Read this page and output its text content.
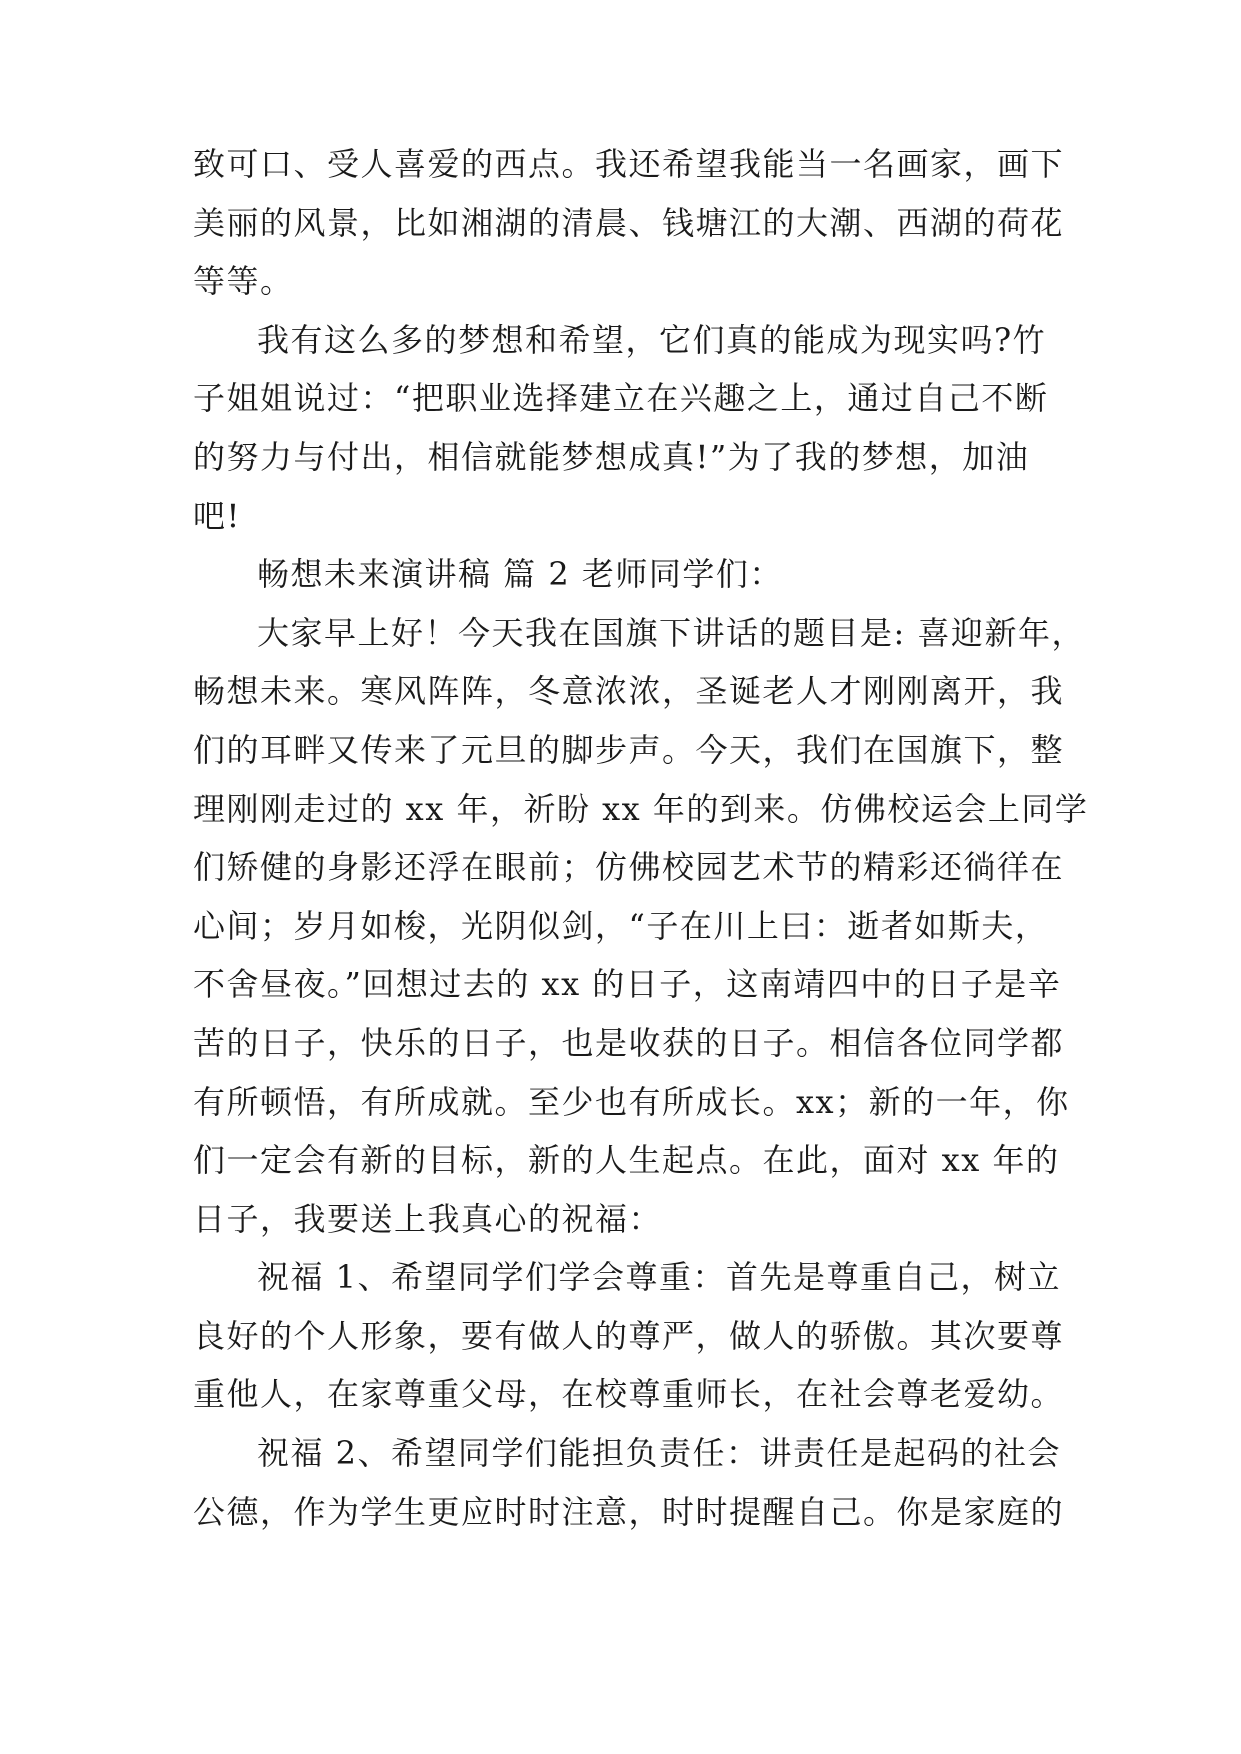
致可口、受人喜爱的西点。我还希望我能当一名画家，画下
美丽的风景，比如湘湖的清晨、钱塘江的大潮、西湖的荷花
等等。
我有这么多的梦想和希望，它们真的能成为现实吗?竹
子姐姐说过：“把职业选择建立在兴趣之上，通过自己不断
的努力与付出，相信就能梦想成真!”为了我的梦想，加油
吧!
畅想未来演讲稿 篇 2 老师同学们：
大家早上好！今天我在国旗下讲话的题目是: 喜迎新年，
畅想未来。寒风阵阵，冬意浓浓，圣诞老人才刚刚离开，我
们的耳畔又传来了元旦的脚步声。今天，我们在国旗下，整
理刚刚走过的 xx 年，祈盼 xx 年的到来。仿佛校运会上同学
们矫健的身影还浮在眼前；仿佛校园艺术节的精彩还徜徉在
心间；岁月如梭，光阴似剑，“子在川上曰：逝者如斯夫，
不舍昼夜。”回想过去的 xx 的日子，这南靖四中的日子是辛
苦的日子，快乐的日子，也是收获的日子。相信各位同学都
有所顿悟，有所成就。至少也有所成长。xx；新的一年，你
们一定会有新的目标，新的人生起点。在此，面对 xx 年的
日子，我要送上我真心的祝福：
祝福 1、希望同学们学会尊重：首先是尊重自己，树立
良好的个人形象，要有做人的尊严，做人的骄傲。其次要尊
重他人，在家尊重父母，在校尊重师长，在社会尊老爱幼。
祝福 2、希望同学们能担负责任：讲责任是起码的社会
公德，作为学生更应时时注意，时时提醒自己。你是家庭的
